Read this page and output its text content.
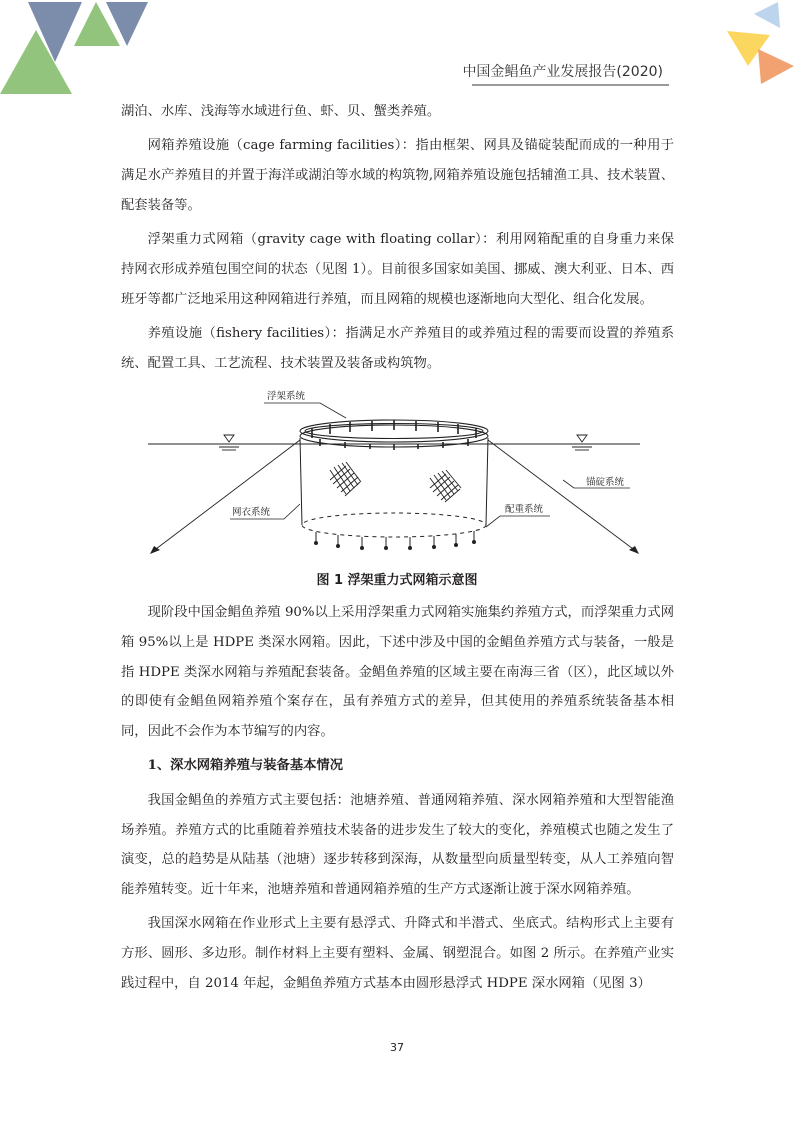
中国金鲳鱼产业发展报告(2020)

湖泊、水库、浅海等水域进行鱼、虾、贝、蟹类养殖。

网箱养殖设施（cage farming facilities）：指由框架、网具及锚碇装配而成的一种用于满足水产养殖目的并置于海洋或湖泊等水域的构筑物,网箱养殖设施包括辅渔工具、技术装置、配套装备等。

浮架重力式网箱（gravity cage with floating collar）：利用网箱配重的自身重力来保持网衣形成养殖包围空间的状态（见图 1）。目前很多国家如美国、挪威、澳大利亚、日本、西班牙等都广泛地采用这种网箱进行养殖，而且网箱的规模也逐渐地向大型化、组合化发展。

养殖设施（fishery facilities）：指满足水产养殖目的或养殖过程的需要而设置的养殖系统、配置工具、工艺流程、技术装置及装备或构筑物。

浮架系统
锚碇系统
网衣系统	配重系统
图 1 浮架重力式网箱示意图

现阶段中国金鲳鱼养殖 90%以上采用浮架重力式网箱实施集约养殖方式，而浮架重力式网箱 95%以上是 HDPE 类深水网箱。因此，下述中涉及中国的金鲳鱼养殖方式与装备，一般是指 HDPE 类深水网箱与养殖配套装备。金鲳鱼养殖的区域主要在南海三省（区），此区域以外的即使有金鲳鱼网箱养殖个案存在，虽有养殖方式的差异，但其使用的养殖系统装备基本相同，因此不会作为本节编写的内容。

1、深水网箱养殖与装备基本情况

我国金鲳鱼的养殖方式主要包括：池塘养殖、普通网箱养殖、深水网箱养殖和大型智能渔场养殖。养殖方式的比重随着养殖技术装备的进步发生了较大的变化，养殖模式也随之发生了演变，总的趋势是从陆基（池塘）逐步转移到深海，从数量型向质量型转变，从人工养殖向智能养殖转变。近十年来，池塘养殖和普通网箱养殖的生产方式逐渐让渡于深水网箱养殖。

我国深水网箱在作业形式上主要有悬浮式、升降式和半潜式、坐底式。结构形式上主要有方形、圆形、多边形。制作材料上主要有塑料、金属、钢塑混合。如图 2 所示。在养殖产业实践过程中，自 2014 年起，金鲳鱼养殖方式基本由圆形悬浮式 HDPE 深水网箱（见图 3）

37
